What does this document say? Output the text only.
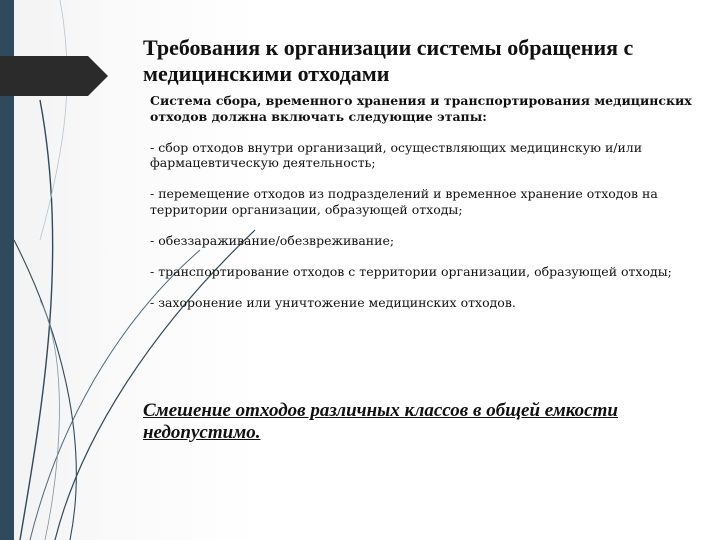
Требования к организации системы обращения с медицинскими отходами

Система сбора, временного хранения и транспортирования медицинских отходов должна включать следующие этапы:

- сбор отходов внутри организаций, осуществляющих медицинскую и/или фармацевтическую деятельность;

- перемещение отходов из подразделений и временное хранение отходов на территории организации, образующей отходы;

- обеззараживание/обезвреживание;

- транспортирование отходов с территории организации, образующей отходы;

- захоронение или уничтожение медицинских отходов.

Смешение отходов различных классов в общей емкости недопустимо.
